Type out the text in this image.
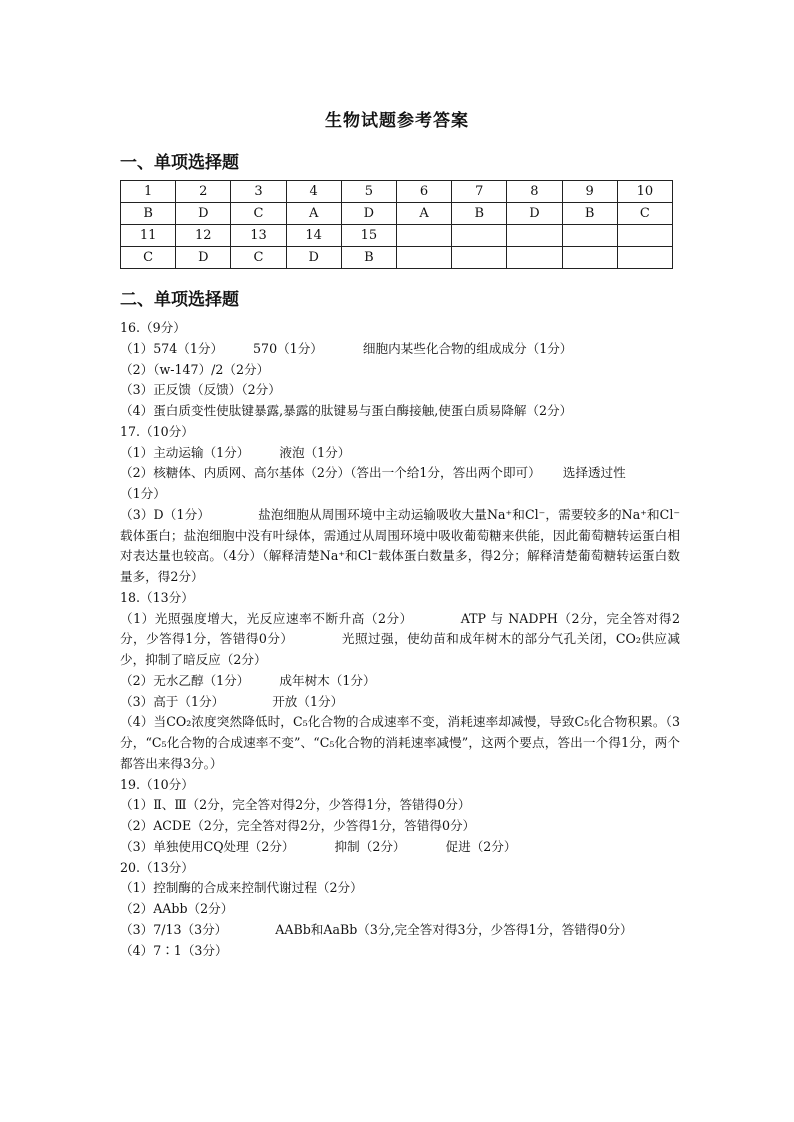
生物试题参考答案
一、单项选择题
1	2	3	4	5	6	7	8	9	10
B	D	C	A	D	A	B	D	B	C
11	12	13	14	15					
C	D	C	D	B					
二、单项选择题
16.（9分）
（1）574（1分） 570（1分）	细胞内某些化合物的组成成分（1分）
（2）（w-147）/2（2分）
（3）正反馈（反馈）（2分）
（4）蛋白质变性使肽键暴露,暴露的肽键易与蛋白酶接触,使蛋白质易降解（2分）
17.（10分）
（1）主动运输（1分） 液泡（1分）
（2）核糖体、内质网、高尔基体（2分）（答出一个给1分，答出两个即可） 选择透过性
（1分）
（3）D（1分）	盐泡细胞从周围环境中主动运输吸收大量Na⁺和Cl⁻，需要较多的Na⁺和Cl⁻载体蛋白；盐泡细胞中没有叶绿体，需通过从周围环境中吸收葡萄糖来供能，因此葡萄糖转运蛋白相对表达量也较高。（4分）（解释清楚Na⁺和Cl⁻载体蛋白数量多，得2分；解释清楚葡萄糖转运蛋白数量多，得2分）
18.（13分）
（1）光照强度增大，光反应速率不断升高（2分）	ATP 与 NADPH（2分，完全答对得2分，少答得1分，答错得0分）	光照过强，使幼苗和成年树木的部分气孔关闭，CO₂供应减少，抑制了暗反应（2分）
（2）无水乙醇（1分） 成年树木（1分）
（3）高于（1分）	开放（1分）
（4）当CO₂浓度突然降低时，C₅化合物的合成速率不变，消耗速率却减慢，导致C₅化合物积累。（3分，“C₅化合物的合成速率不变”、“C₅化合物的消耗速率减慢”，这两个要点，答出一个得1分，两个都答出来得3分。）
19.（10分）
（1）Ⅱ、Ⅲ（2分，完全答对得2分，少答得1分，答错得0分）
（2）ACDE（2分，完全答对得2分，少答得1分，答错得0分）
（3）单独使用CQ处理（2分）	抑制（2分）	促进（2分）
20.（13分）
（1）控制酶的合成来控制代谢过程（2分）
（2）AAbb（2分）
（3）7/13（3分）	AABb和AaBb（3分,完全答对得3分，少答得1分，答错得0分）
（4）7∶1（3分）
